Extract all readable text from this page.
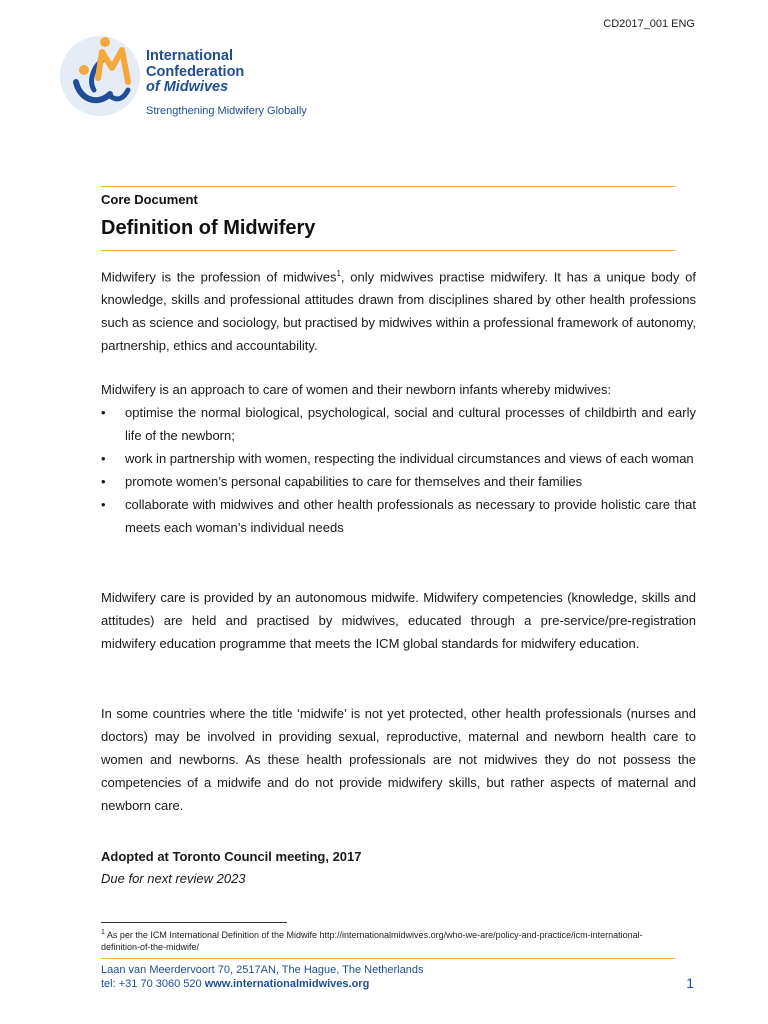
CD2017_001 ENG
International
Confederation
of Midwives
Strengthening Midwifery Globally
Core Document
Definition of Midwifery

Midwifery is the profession of midwives$^1$, only midwives practise midwifery. It has a unique body of knowledge, skills and professional attitudes drawn from disciplines shared by other health professions such as science and sociology, but practised by midwives within a professional framework of autonomy, partnership, ethics and accountability.

Midwifery is an approach to care of women and their newborn infants whereby midwives:

• optimise the normal biological, psychological, social and cultural processes of childbirth and early life of the newborn;
• work in partnership with women, respecting the individual circumstances and views of each woman
• promote women’s personal capabilities to care for themselves and their families
• collaborate with midwives and other health professionals as necessary to provide holistic care that meets each woman’s individual needs

Midwifery care is provided by an autonomous midwife. Midwifery competencies (knowledge, skills and attitudes) are held and practised by midwives, educated through a pre-service/pre-registration midwifery education programme that meets the ICM global standards for midwifery education.

In some countries where the title ‘midwife’ is not yet protected, other health professionals (nurses and doctors) may be involved in providing sexual, reproductive, maternal and newborn health care to women and newborns. As these health professionals are not midwives they do not possess the competencies of a midwife and do not provide midwifery skills, but rather aspects of maternal and newborn care.

Adopted at Toronto Council meeting, 2017

Due for next review 2023

$^1$ As per the ICM International Definition of the Midwife http://internationalmidwives.org/who-we-are/policy-and-practice/icm-international-definition-of-the-midwife/

Laan van Meerdervoort 70, 2517AN, The Hague, The Netherlands
tel: +31 70 3060 520 www.internationalmidwives.org	1
